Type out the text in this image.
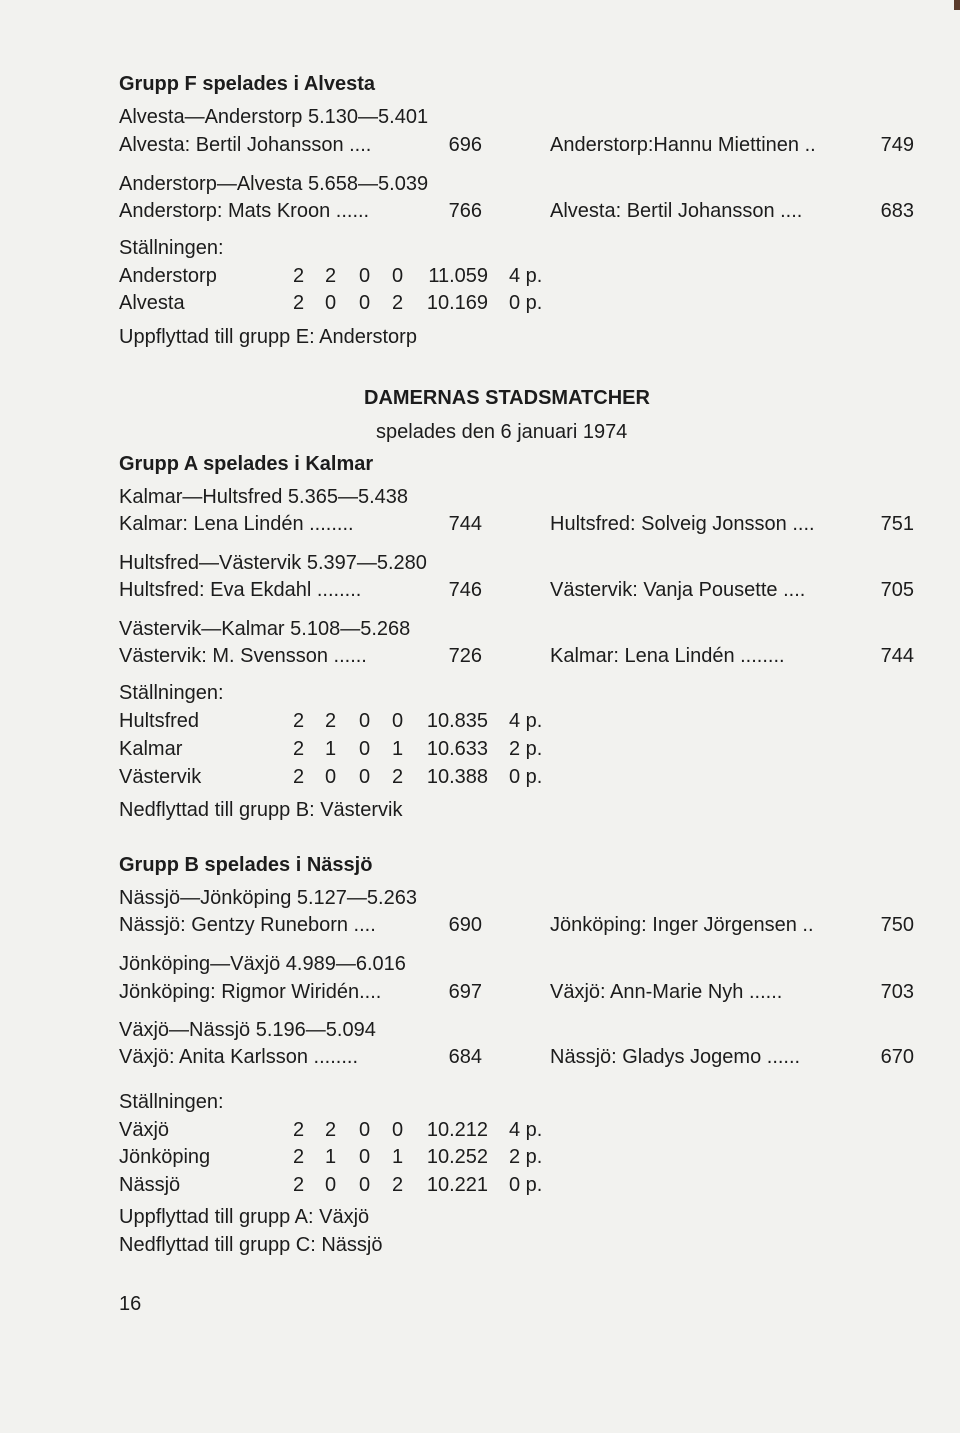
Grupp F spelades i Alvesta
Alvesta—Anderstorp 5.130—5.401
Alvesta: Bertil Johansson ....	696	Anderstorp:Hannu Miettinen ..	749
Anderstorp—Alvesta 5.658—5.039
Anderstorp: Mats Kroon ......	766	Alvesta: Bertil Johansson ....	683
Ställningen:
Anderstorp	2 2 0 0	11.059 4 p.
Alvesta	2 0 0 2	10.169 0 p.
Uppflyttad till grupp E: Anderstorp
DAMERNAS STADSMATCHER
spelades den 6 januari 1974
Grupp A spelades i Kalmar
Kalmar—Hultsfred 5.365—5.438
Kalmar: Lena Lindén ........	744	Hultsfred: Solveig Jonsson ....	751
Hultsfred—Västervik 5.397—5.280
Hultsfred: Eva Ekdahl ........	746	Västervik: Vanja Pousette ....	705
Västervik—Kalmar 5.108—5.268
Västervik: M. Svensson ......	726	Kalmar: Lena Lindén ........	744
Ställningen:
Hultsfred	2 2 0 0	10.835 4 p.
Kalmar	2 1 0 1	10.633 2 p.
Västervik	2 0 0 2	10.388 0 p.
Nedflyttad till grupp B: Västervik
Grupp B spelades i Nässjö
Nässjö—Jönköping 5.127—5.263
Nässjö: Gentzy Runeborn ....	690	Jönköping: Inger Jörgensen ..	750
Jönköping—Växjö 4.989—6.016
Jönköping: Rigmor Wiridén....	697	Växjö: Ann-Marie Nyh ......	703
Växjö—Nässjö 5.196—5.094
Växjö: Anita Karlsson ........	684	Nässjö: Gladys Jogemo ......	670
Ställningen:
Växjö	2 2 0 0	10.212 4 p.
Jönköping	2 1 0 1	10.252 2 p.
Nässjö	2 0 0 2	10.221 0 p.
Uppflyttad till grupp A: Växjö
Nedflyttad till grupp C: Nässjö
16
